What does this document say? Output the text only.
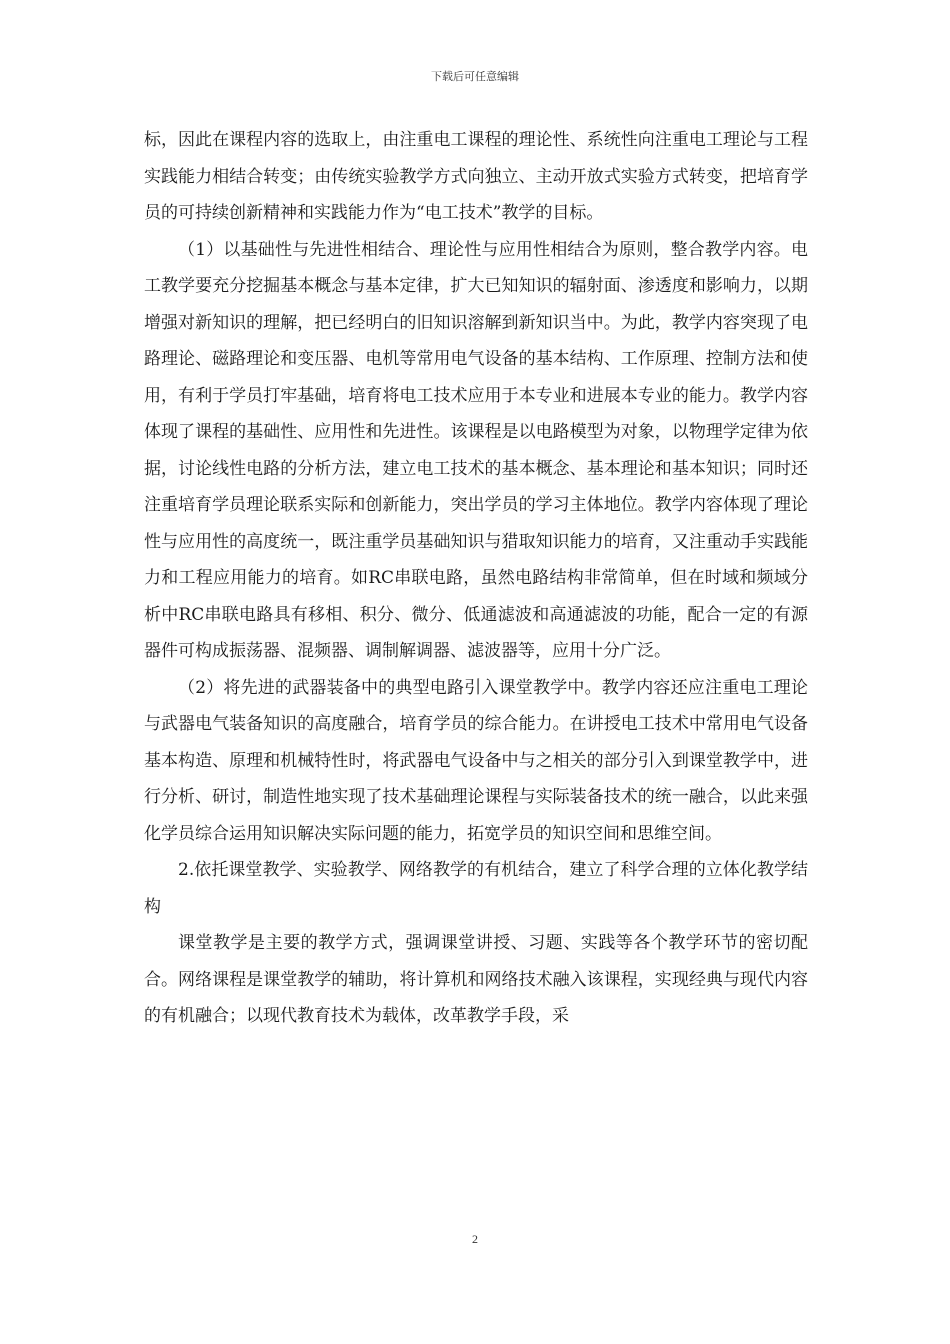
下载后可任意编辑

标，因此在课程内容的选取上，由注重电工课程的理论性、系统性向注重电工理论与工程实践能力相结合转变；由传统实验教学方式向独立、主动开放式实验方式转变，把培育学员的可持续创新精神和实践能力作为“电工技术”教学的目标。

（1）以基础性与先进性相结合、理论性与应用性相结合为原则，整合教学内容。电工教学要充分挖掘基本概念与基本定律，扩大已知知识的辐射面、渗透度和影响力，以期增强对新知识的理解，把已经明白的旧知识溶解到新知识当中。为此，教学内容突现了电路理论、磁路理论和变压器、电机等常用电气设备的基本结构、工作原理、控制方法和使用，有利于学员打牢基础，培育将电工技术应用于本专业和进展本专业的能力。教学内容体现了课程的基础性、应用性和先进性。该课程是以电路模型为对象，以物理学定律为依据，讨论线性电路的分析方法，建立电工技术的基本概念、基本理论和基本知识；同时还注重培育学员理论联系实际和创新能力，突出学员的学习主体地位。教学内容体现了理论性与应用性的高度统一，既注重学员基础知识与猎取知识能力的培育，又注重动手实践能力和工程应用能力的培育。如RC串联电路，虽然电路结构非常简单，但在时域和频域分析中RC串联电路具有移相、积分、微分、低通滤波和高通滤波的功能，配合一定的有源器件可构成振荡器、混频器、调制解调器、滤波器等，应用十分广泛。

（2）将先进的武器装备中的典型电路引入课堂教学中。教学内容还应注重电工理论与武器电气装备知识的高度融合，培育学员的综合能力。在讲授电工技术中常用电气设备基本构造、原理和机械特性时，将武器电气设备中与之相关的部分引入到课堂教学中，进行分析、研讨，制造性地实现了技术基础理论课程与实际装备技术的统一融合，以此来强化学员综合运用知识解决实际问题的能力，拓宽学员的知识空间和思维空间。

2.依托课堂教学、实验教学、网络教学的有机结合，建立了科学合理的立体化教学结构

课堂教学是主要的教学方式，强调课堂讲授、习题、实践等各个教学环节的密切配合。网络课程是课堂教学的辅助，将计算机和网络技术融入该课程，实现经典与现代内容的有机融合；以现代教育技术为载体，改革教学手段，采

2
